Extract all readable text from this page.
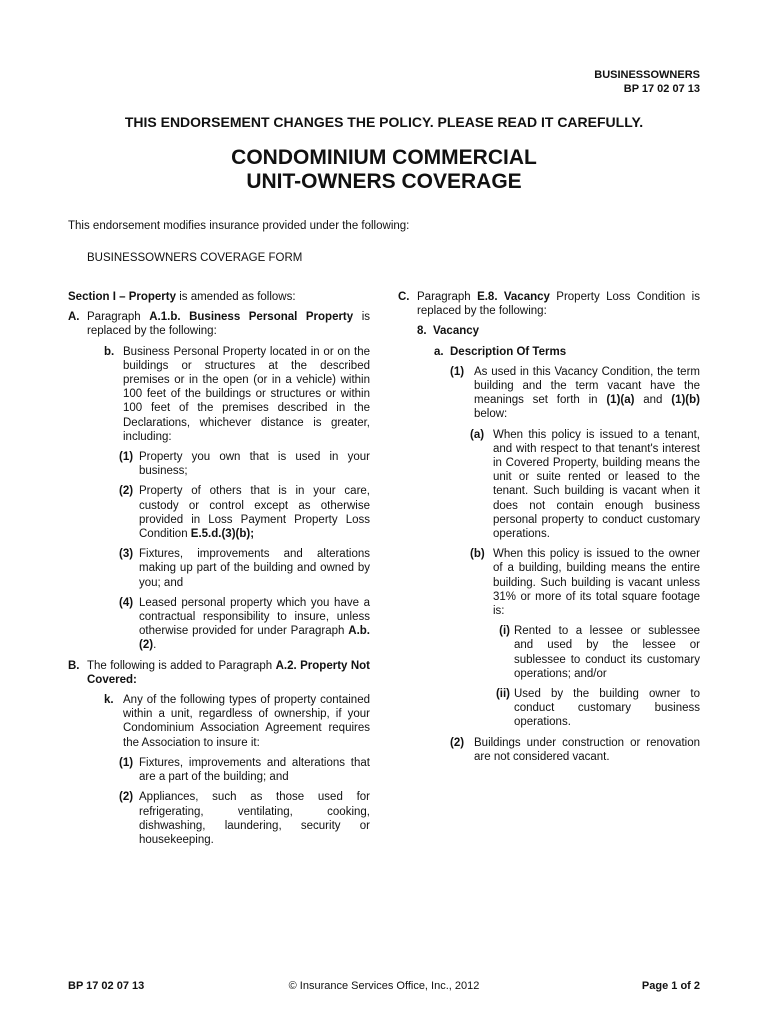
BUSINESSOWNERS
BP 17 02 07 13
THIS ENDORSEMENT CHANGES THE POLICY. PLEASE READ IT CAREFULLY.
CONDOMINIUM COMMERCIAL
UNIT-OWNERS COVERAGE
This endorsement modifies insurance provided under the following:
BUSINESSOWNERS COVERAGE FORM

Section I – Property is amended as follows:

A. Paragraph A.1.b. Business Personal Property is replaced by the following:
b. Business Personal Property located in or on the buildings or structures at the described premises or in the open (or in a vehicle) within 100 feet of the buildings or structures or within 100 feet of the premises described in the Declarations, whichever distance is greater, including:
(1) Property you own that is used in your business;
(2) Property of others that is in your care, custody or control except as otherwise provided in Loss Payment Property Loss Condition E.5.d.(3)(b);
(3) Fixtures, improvements and alterations making up part of the building and owned by you; and
(4) Leased personal property which you have a contractual responsibility to insure, unless otherwise provided for under Paragraph A.b.(2).
B. The following is added to Paragraph A.2. Property Not Covered:
k. Any of the following types of property contained within a unit, regardless of ownership, if your Condominium Association Agreement requires the Association to insure it:
(1) Fixtures, improvements and alterations that are a part of the building; and
(2) Appliances, such as those used for refrigerating, ventilating, cooking, dishwashing, laundering, security or housekeeping.
C. Paragraph E.8. Vacancy Property Loss Condition is replaced by the following:
8. Vacancy
a. Description Of Terms
(1) As used in this Vacancy Condition, the term building and the term vacant have the meanings set forth in (1)(a) and (1)(b) below:
(a) When this policy is issued to a tenant, and with respect to that tenant's interest in Covered Property, building means the unit or suite rented or leased to the tenant. Such building is vacant when it does not contain enough business personal property to conduct customary operations.
(b) When this policy is issued to the owner of a building, building means the entire building. Such building is vacant unless 31% or more of its total square footage is:
(i) Rented to a lessee or sublessee and used by the lessee or sublessee to conduct its customary operations; and/or
(ii) Used by the building owner to conduct customary business operations.
(2) Buildings under construction or renovation are not considered vacant.
BP 17 02 07 13	© Insurance Services Office, Inc., 2012	Page 1 of 2
